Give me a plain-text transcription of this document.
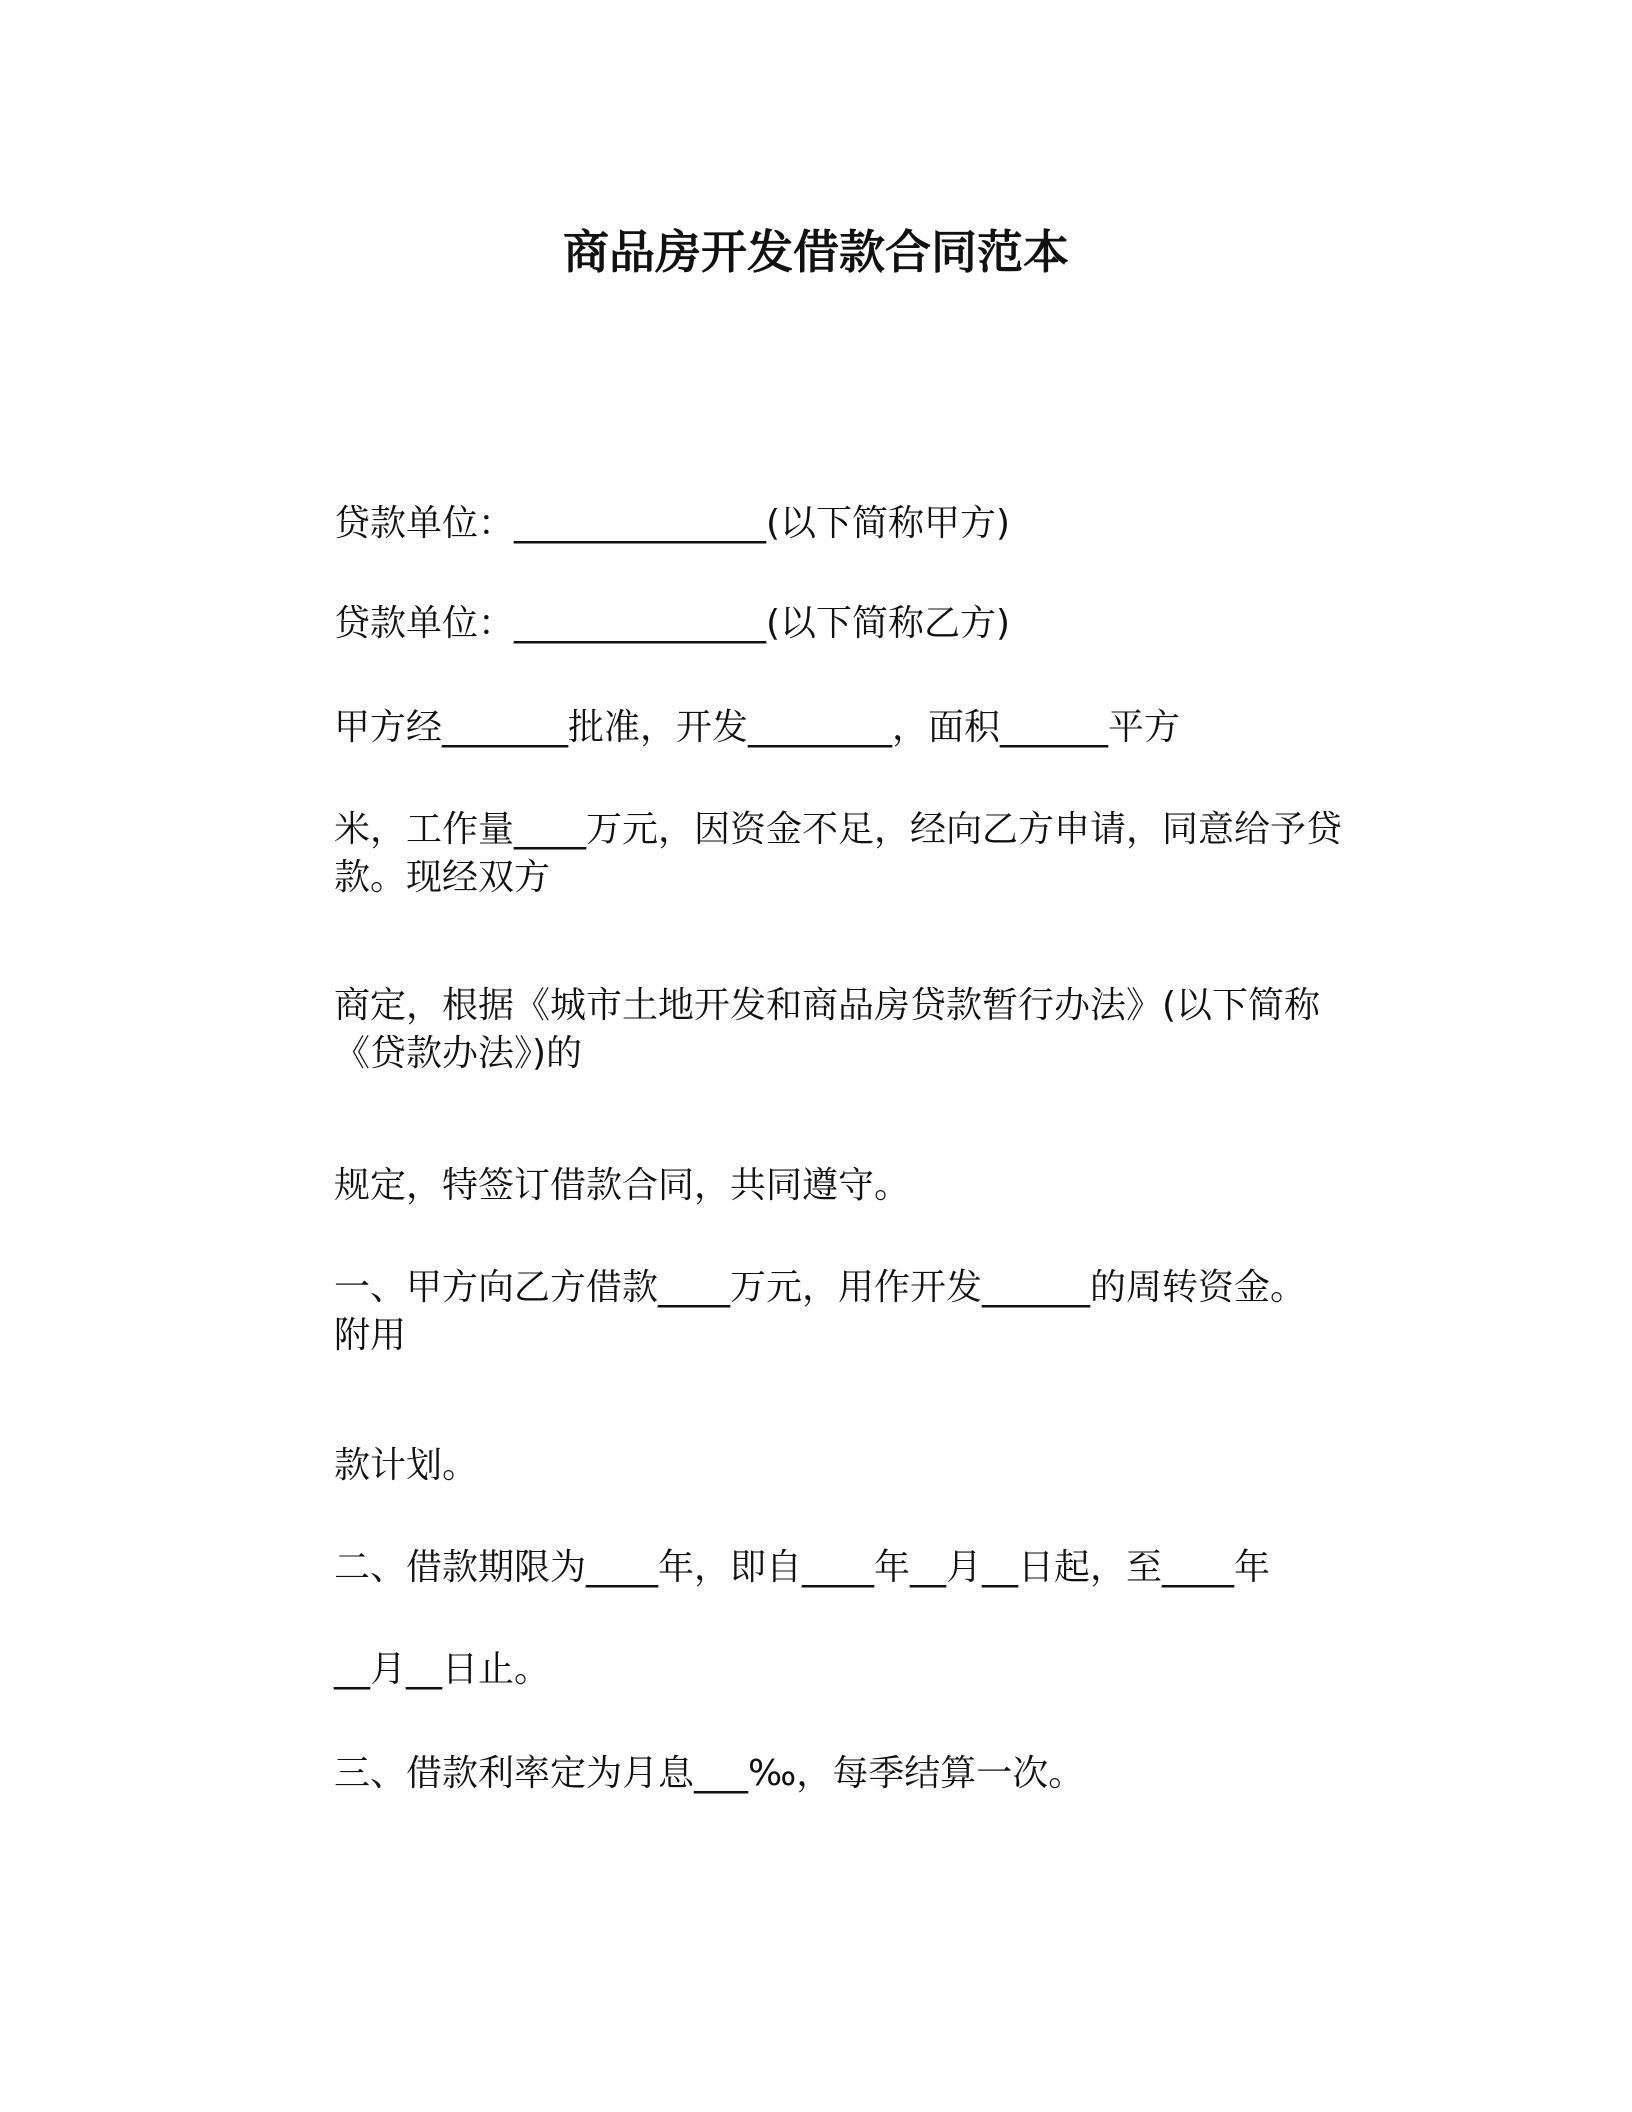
商品房开发借款合同范本

贷款单位：______________(以下简称甲方)

贷款单位：______________(以下简称乙方)

甲方经_______批准，开发________，面积______平方

米，工作量____万元，因资金不足，经向乙方申请，同意给予贷
款。现经双方

商定，根据《城市土地开发和商品房贷款暂行办法》(以下简称
《贷款办法》)的

规定，特签订借款合同，共同遵守。

一、甲方向乙方借款____万元，用作开发______的周转资金。
附用

款计划。

二、借款期限为____年，即自____年__月__日起，至____年

__月__日止。

三、借款利率定为月息___‰，每季结算一次。
